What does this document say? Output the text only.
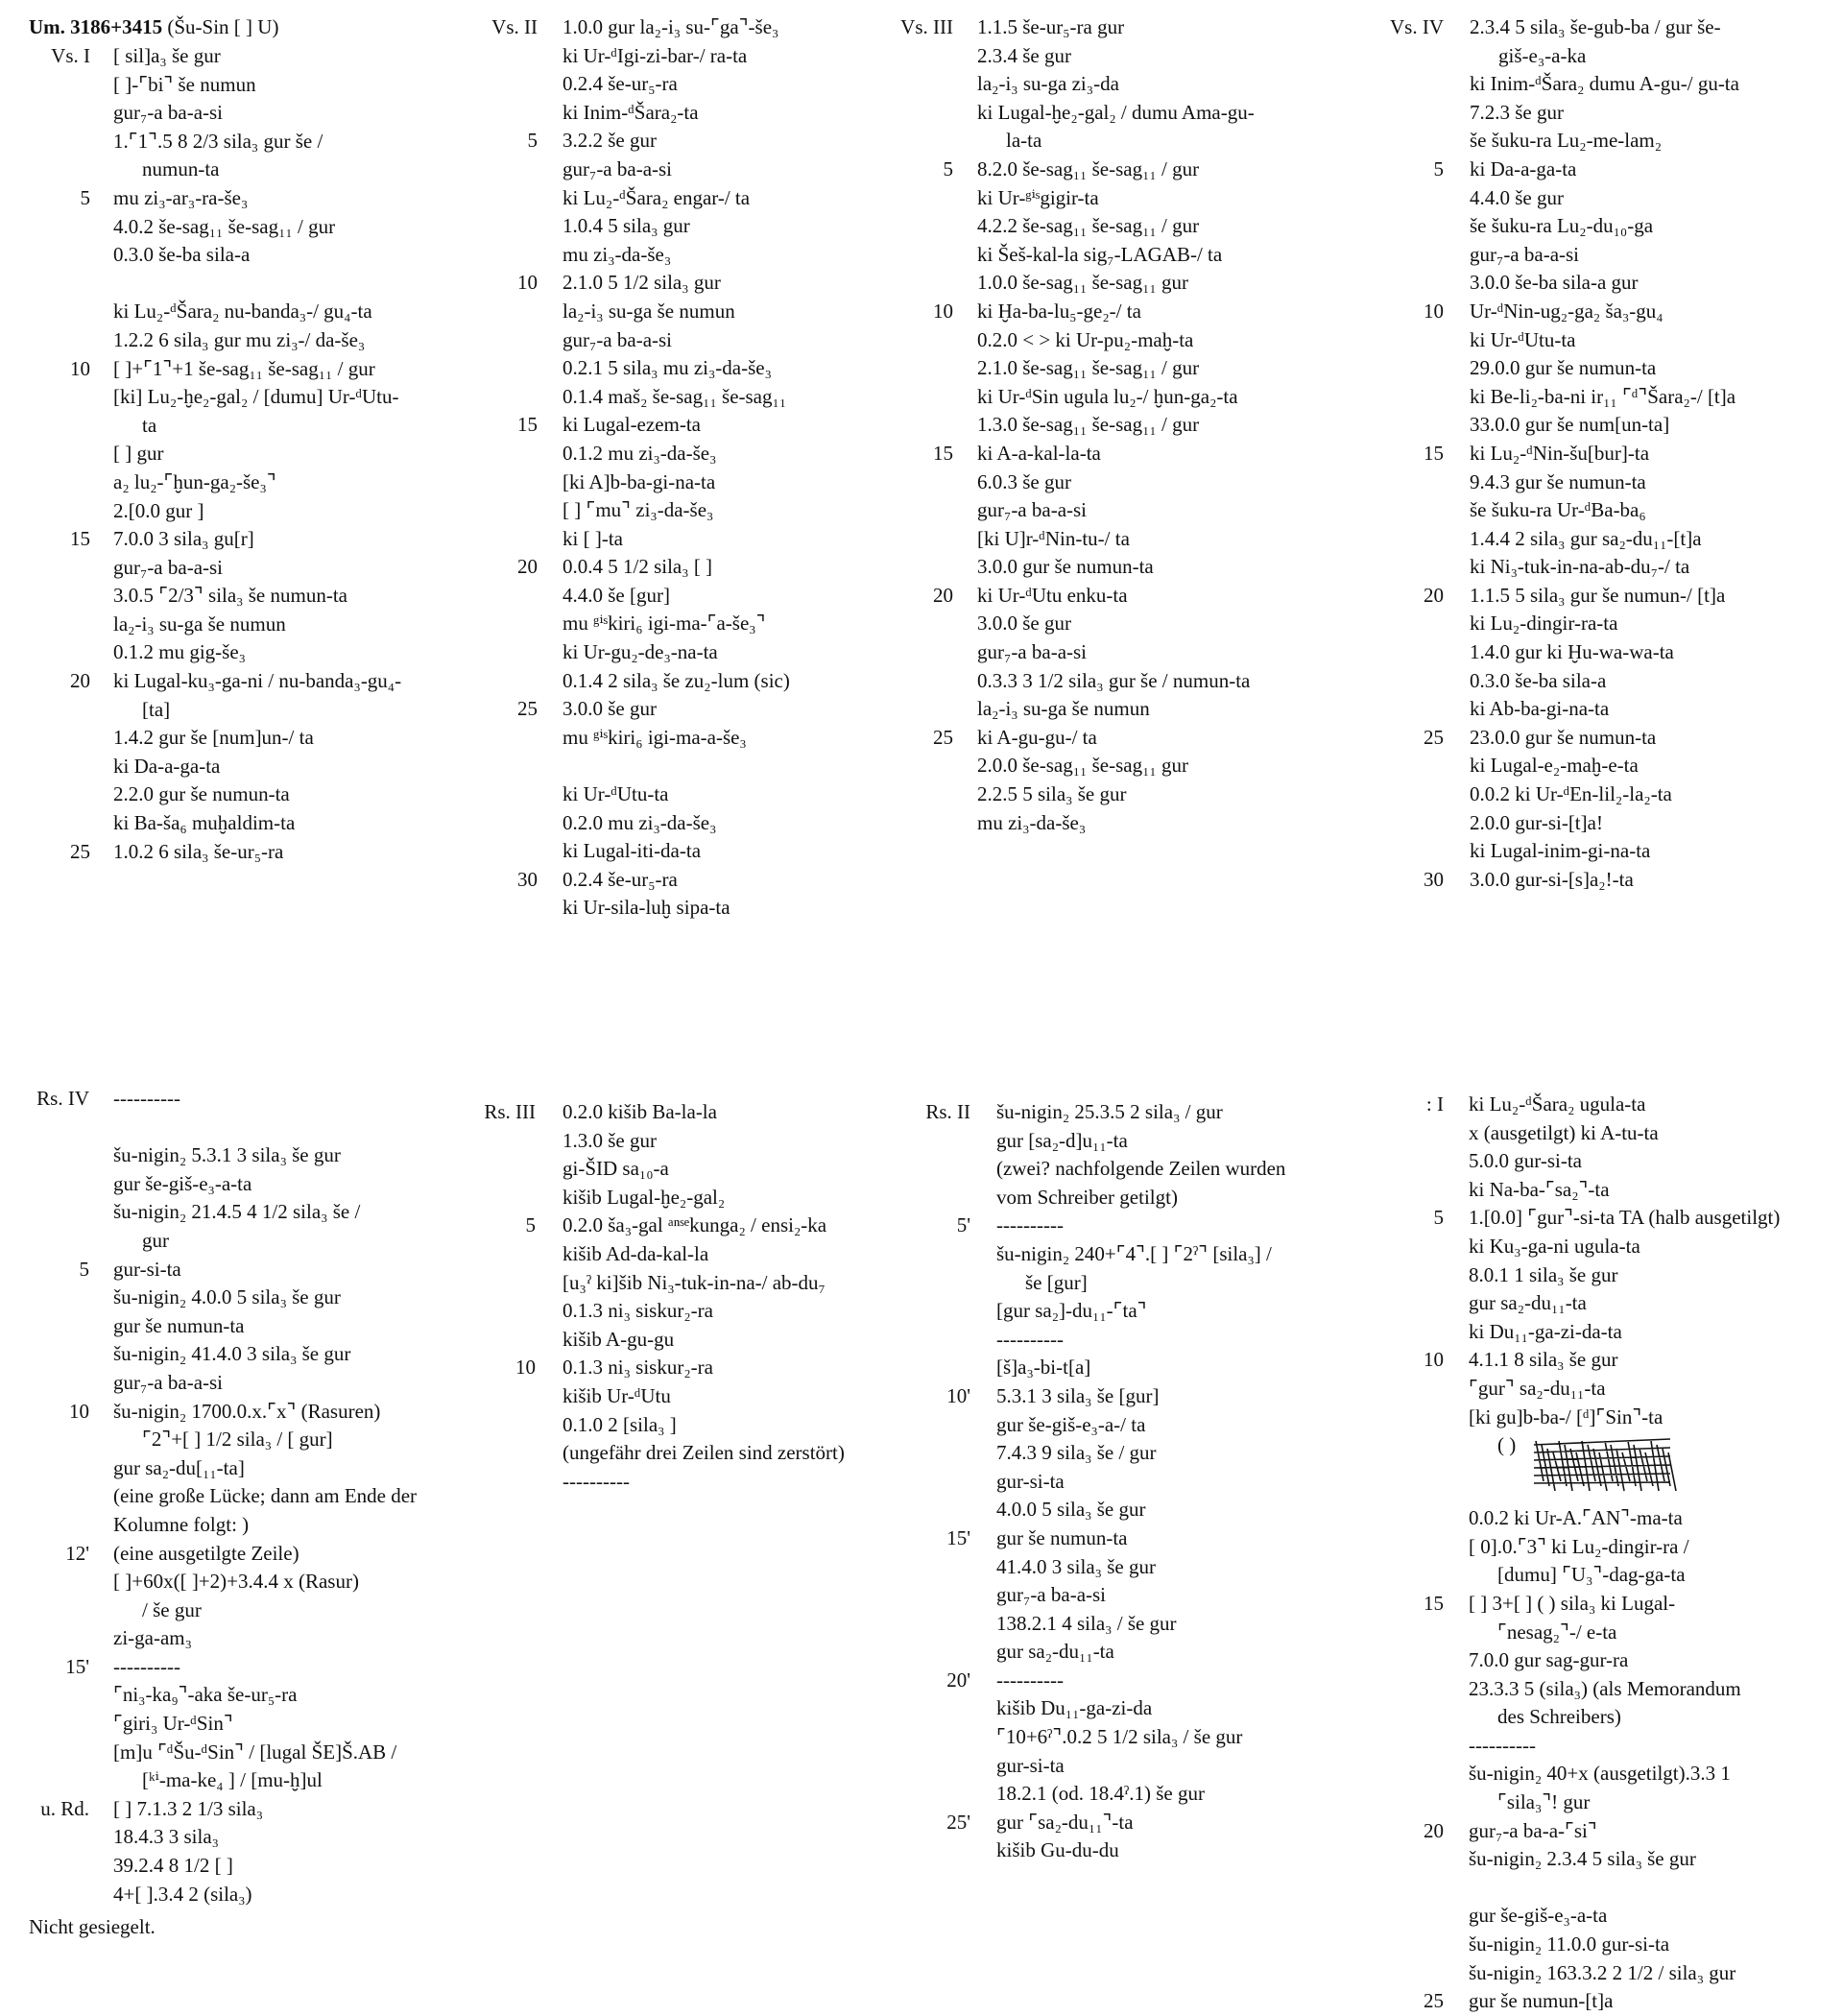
Um. 3186+3415 (Šu-Sin [ ] U)
Vs. I [ sil]a₃ še gur
[ ]-⌜bi⌝ še numun
gur₇-a ba-a-si
1.⌜1⌝.5 8 2/3 sila₃ gur še /
numun-ta
5 mu zi₃-ar₃-ra-še₃
4.0.2 še-sag₁₁ še-sag₁₁ / gur
0.3.0 še-ba sila-a
ki Lu₂-ᵈŠara₂ nu-banda₃-/ gu₄-ta
1.2.2 6 sila₃ gur mu zi₃-/ da-še₃
10 [ ]+⌜1⌝+1 še-sag₁₁ še-sag₁₁ / gur
[ki] Lu₂-ḫe₂-gal₂ / [dumu] Ur-ᵈUtu-
ta
[ ] gur
a₂ lu₂-⌜ḫun-ga₂-še₃⌝
2.[0.0 gur ]
15 7.0.0 3 sila₃ gu[r]
gur₇-a ba-a-si
3.0.5 ⌜2/3⌝ sila₃ še numun-ta
la₂-i₃ su-ga še numun
0.1.2 mu gig-še₃
20 ki Lugal-ku₃-ga-ni / nu-banda₃-gu₄-
[ta]
1.4.2 gur še [num]un-/ ta
ki Da-a-ga-ta
2.2.0 gur še numun-ta
ki Ba-ša₆ muḫaldim-ta
25 1.0.2 6 sila₃ še-ur₅-ra
Vs. II 1.0.0 gur la₂-i₃ su-⌜ga⌝-še₃
ki Ur-ᵈIgi-zi-bar-/ ra-ta
0.2.4 še-ur₅-ra
ki Inim-ᵈŠara₂-ta
5 3.2.2 še gur
gur₇-a ba-a-si
ki Lu₂-ᵈŠara₂ engar-/ ta
1.0.4 5 sila₃ gur
mu zi₃-da-še₃
10 2.1.0 5 1/2 sila₃ gur
la₂-i₃ su-ga še numun
gur₇-a ba-a-si
0.2.1 5 sila₃ mu zi₃-da-še₃
0.1.4 maš₂ še-sag₁₁ še-sag₁₁
15 ki Lugal-ezem-ta
0.1.2 mu zi₃-da-še₃
[ki A]b-ba-gi-na-ta
[ ] ⌜mu⌝ zi₃-da-še₃
ki [ ]-ta
20 0.0.4 5 1/2 sila₃ [ ]
4.4.0 še [gur]
mu ᵍⁱˢkiri₆ igi-ma-⌜a-še₃⌝
ki Ur-gu₂-de₃-na-ta
0.1.4 2 sila₃ še zu₂-lum (sic)
25 3.0.0 še gur
mu ᵍⁱˢkiri₆ igi-ma-a-še₃
ki Ur-ᵈUtu-ta
0.2.0 mu zi₃-da-še₃
ki Lugal-iti-da-ta
30 0.2.4 še-ur₅-ra
ki Ur-sila-luḫ sipa-ta
Vs. III 1.1.5 še-ur₅-ra gur
2.3.4 še gur
la₂-i₃ su-ga zi₃-da
ki Lugal-ḫe₂-gal₂ / dumu Ama-gu-
la-ta
5 8.2.0 še-sag₁₁ še-sag₁₁ / gur
ki Ur-ᵍⁱˢgigir-ta
4.2.2 še-sag₁₁ še-sag₁₁ / gur
ki Šeš-kal-la sig₇-LAGAB-/ ta
1.0.0 še-sag₁₁ še-sag₁₁ gur
10 ki Ḫa-ba-lu₅-ge₂-/ ta
0.2.0 < > ki Ur-pu₂-maḫ-ta
2.1.0 še-sag₁₁ še-sag₁₁ / gur
ki Ur-ᵈSin ugula lu₂-/ ḫun-ga₂-ta
1.3.0 še-sag₁₁ še-sag₁₁ / gur
15 ki A-a-kal-la-ta
6.0.3 še gur
gur₇-a ba-a-si
[ki U]r-ᵈNin-tu-/ ta
3.0.0 gur še numun-ta
20 ki Ur-ᵈUtu enku-ta
3.0.0 še gur
gur₇-a ba-a-si
0.3.3 3 1/2 sila₃ gur še / numun-ta
la₂-i₃ su-ga še numun
25 ki A-gu-gu-/ ta
2.0.0 še-sag₁₁ še-sag₁₁ gur
2.2.5 5 sila₃ še gur
mu zi₃-da-še₃
Vs. IV 2.3.4 5 sila₃ še-gub-ba / gur še-
giš-e₃-a-ka
ki Inim-ᵈŠara₂ dumu A-gu-/ gu-ta
7.2.3 še gur
še šuku-ra Lu₂-me-lam₂
5 ki Da-a-ga-ta
4.4.0 še gur
še šuku-ra Lu₂-du₁₀-ga
gur₇-a ba-a-si
3.0.0 še-ba sila-a gur
10 Ur-ᵈNin-ug₂-ga₂ ša₃-gu₄
ki Ur-ᵈUtu-ta
29.0.0 gur še numun-ta
ki Be-li₂-ba-ni ir₁₁ ⌜ᵈ⌝Šara₂-/ [t]a
33.0.0 gur še num[un-ta]
15 ki Lu₂-ᵈNin-šu[bur]-ta
9.4.3 gur še numun-ta
še šuku-ra Ur-ᵈBa-ba₆
1.4.4 2 sila₃ gur sa₂-du₁₁-[t]a
ki Ni₃-tuk-in-na-ab-du₇-/ ta
20 1.1.5 5 sila₃ gur še numun-/ [t]a
ki Lu₂-dingir-ra-ta
1.4.0 gur ki Ḫu-wa-wa-ta
0.3.0 še-ba sila-a
ki Ab-ba-gi-na-ta
25 23.0.0 gur še numun-ta
ki Lugal-e₂-maḫ-e-ta
0.0.2 ki Ur-ᵈEn-lil₂-la₂-ta
2.0.0 gur-si-[t]a!
ki Lugal-inim-gi-na-ta
30 3.0.0 gur-si-[s]a₂!-ta
Rs. IV ----------
šu-nigin₂ 5.3.1 3 sila₃ še gur
gur še-giš-e₃-a-ta
šu-nigin₂ 21.4.5 4 1/2 sila₃ še /
gur
5 gur-si-ta
šu-nigin₂ 4.0.0 5 sila₃ še gur
gur še numun-ta
šu-nigin₂ 41.4.0 3 sila₃ še gur
gur₇-a ba-a-si
10 šu-nigin₂ 1700.0.x.⌜x⌝ (Rasuren)
⌜2⌝+[ ] 1/2 sila₃ / [ gur]
gur sa₂-du[₁₁-ta]
(eine große Lücke; dann am Ende der
Kolumne folgt: )
12' (eine ausgetilgte Zeile)
[ ]+60x([ ]+2)+3.4.4 x (Rasur)
/ še gur
zi-ga-am₃
15' ----------
⌜ni₃-ka₉⌝-aka še-ur₅-ra
⌜giri₃ Ur-ᵈSin⌝
[m]u ⌜ᵈŠu-ᵈSin⌝ / [lugal ŠE]Š.AB /
[ᵏⁱ-ma-ke₄ ] / [mu-ḫ]ul
u. Rd. [ ] 7.1.3 2 1/3 sila₃
18.4.3 3 sila₃
39.2.4 8 1/2 [ ]
4+[ ].3.4 2 (sila₃)
Rs. III 0.2.0 kišib Ba-la-la
1.3.0 še gur
gi-ŠID sa₁₀-a
kišib Lugal-ḫe₂-gal₂
5 0.2.0 ša₃-gal ᵃⁿˢᵉkunga₂ / ensi₂-ka
kišib Ad-da-kal-la
[u₃ˀ ki]šib Ni₃-tuk-in-na-/ ab-du₇
0.1.3 ni₃ siskur₂-ra
kišib A-gu-gu
10 0.1.3 ni₃ siskur₂-ra
kišib Ur-ᵈUtu
0.1.0 2 [sila₃ ]
(ungefähr drei Zeilen sind zerstört)
----------
Rs. II šu-nigin₂ 25.3.5 2 sila₃ / gur
gur [sa₂-d]u₁₁-ta
(zwei? nachfolgende Zeilen wurden
vom Schreiber getilgt)
5' ----------
šu-nigin₂ 240+⌜4⌝.[ ] ⌜2ˀ⌝ [sila₃] /
še [gur]
[gur sa₂]-du₁₁-⌜ta⌝
----------
[š]a₃-bi-t[a]
10' 5.3.1 3 sila₃ še [gur]
gur še-giš-e₃-a-/ ta
7.4.3 9 sila₃ še / gur
gur-si-ta
4.0.0 5 sila₃ še gur
15' gur še numun-ta
41.4.0 3 sila₃ še gur
gur₇-a ba-a-si
138.2.1 4 sila₃ / še gur
gur sa₂-du₁₁-ta
20' ----------
kišib Du₁₁-ga-zi-da
⌜10+6ˀ⌝.0.2 5 1/2 sila₃ / še gur
gur-si-ta
18.2.1 (od. 18.4ˀ.1) še gur
25' gur ⌜sa₂-du₁₁⌝-ta
kišib Gu-du-du
: I ki Lu₂-ᵈŠara₂ ugula-ta
x (ausgetilgt) ki A-tu-ta
5.0.0 gur-si-ta
ki Na-ba-⌜sa₂⌝-ta
5 1.[0.0] ⌜gur⌝-si-ta TA (halb ausgetilgt)
ki Ku₃-ga-ni ugula-ta
8.0.1 1 sila₃ še gur
gur sa₂-du₁₁-ta
ki Du₁₁-ga-zi-da-ta
10 4.1.1 8 sila₃ še gur
⌜gur⌝ sa₂-du₁₁-ta
[ki gu]b-ba-/ [ᵈ]⌜Sin⌝-ta
( )
0.0.2 ki Ur-A.⌜AN⌝-ma-ta
[ 0].0.⌜3⌝ ki Lu₂-dingir-ra /
[dumu] ⌜U₃⌝-dag-ga-ta
15 [ ] 3+[ ] ( ) sila₃ ki Lugal-
⌜nesag₂⌝-/ e-ta
7.0.0 gur sag-gur-ra
23.3.3 5 (sila₃) (als Memorandum
des Schreibers)
----------
šu-nigin₂ 40+x (ausgetilgt).3.3 1
⌜sila₃⌝! gur
20 gur₇-a ba-a-⌜si⌝
šu-nigin₂ 2.3.4 5 sila₃ še gur
gur še-giš-e₃-a-ta
šu-nigin₂ 11.0.0 gur-si-ta
šu-nigin₂ 163.3.2 2 1/2 / sila₃ gur
25 gur še numun-[t]a
Nicht gesiegelt.
